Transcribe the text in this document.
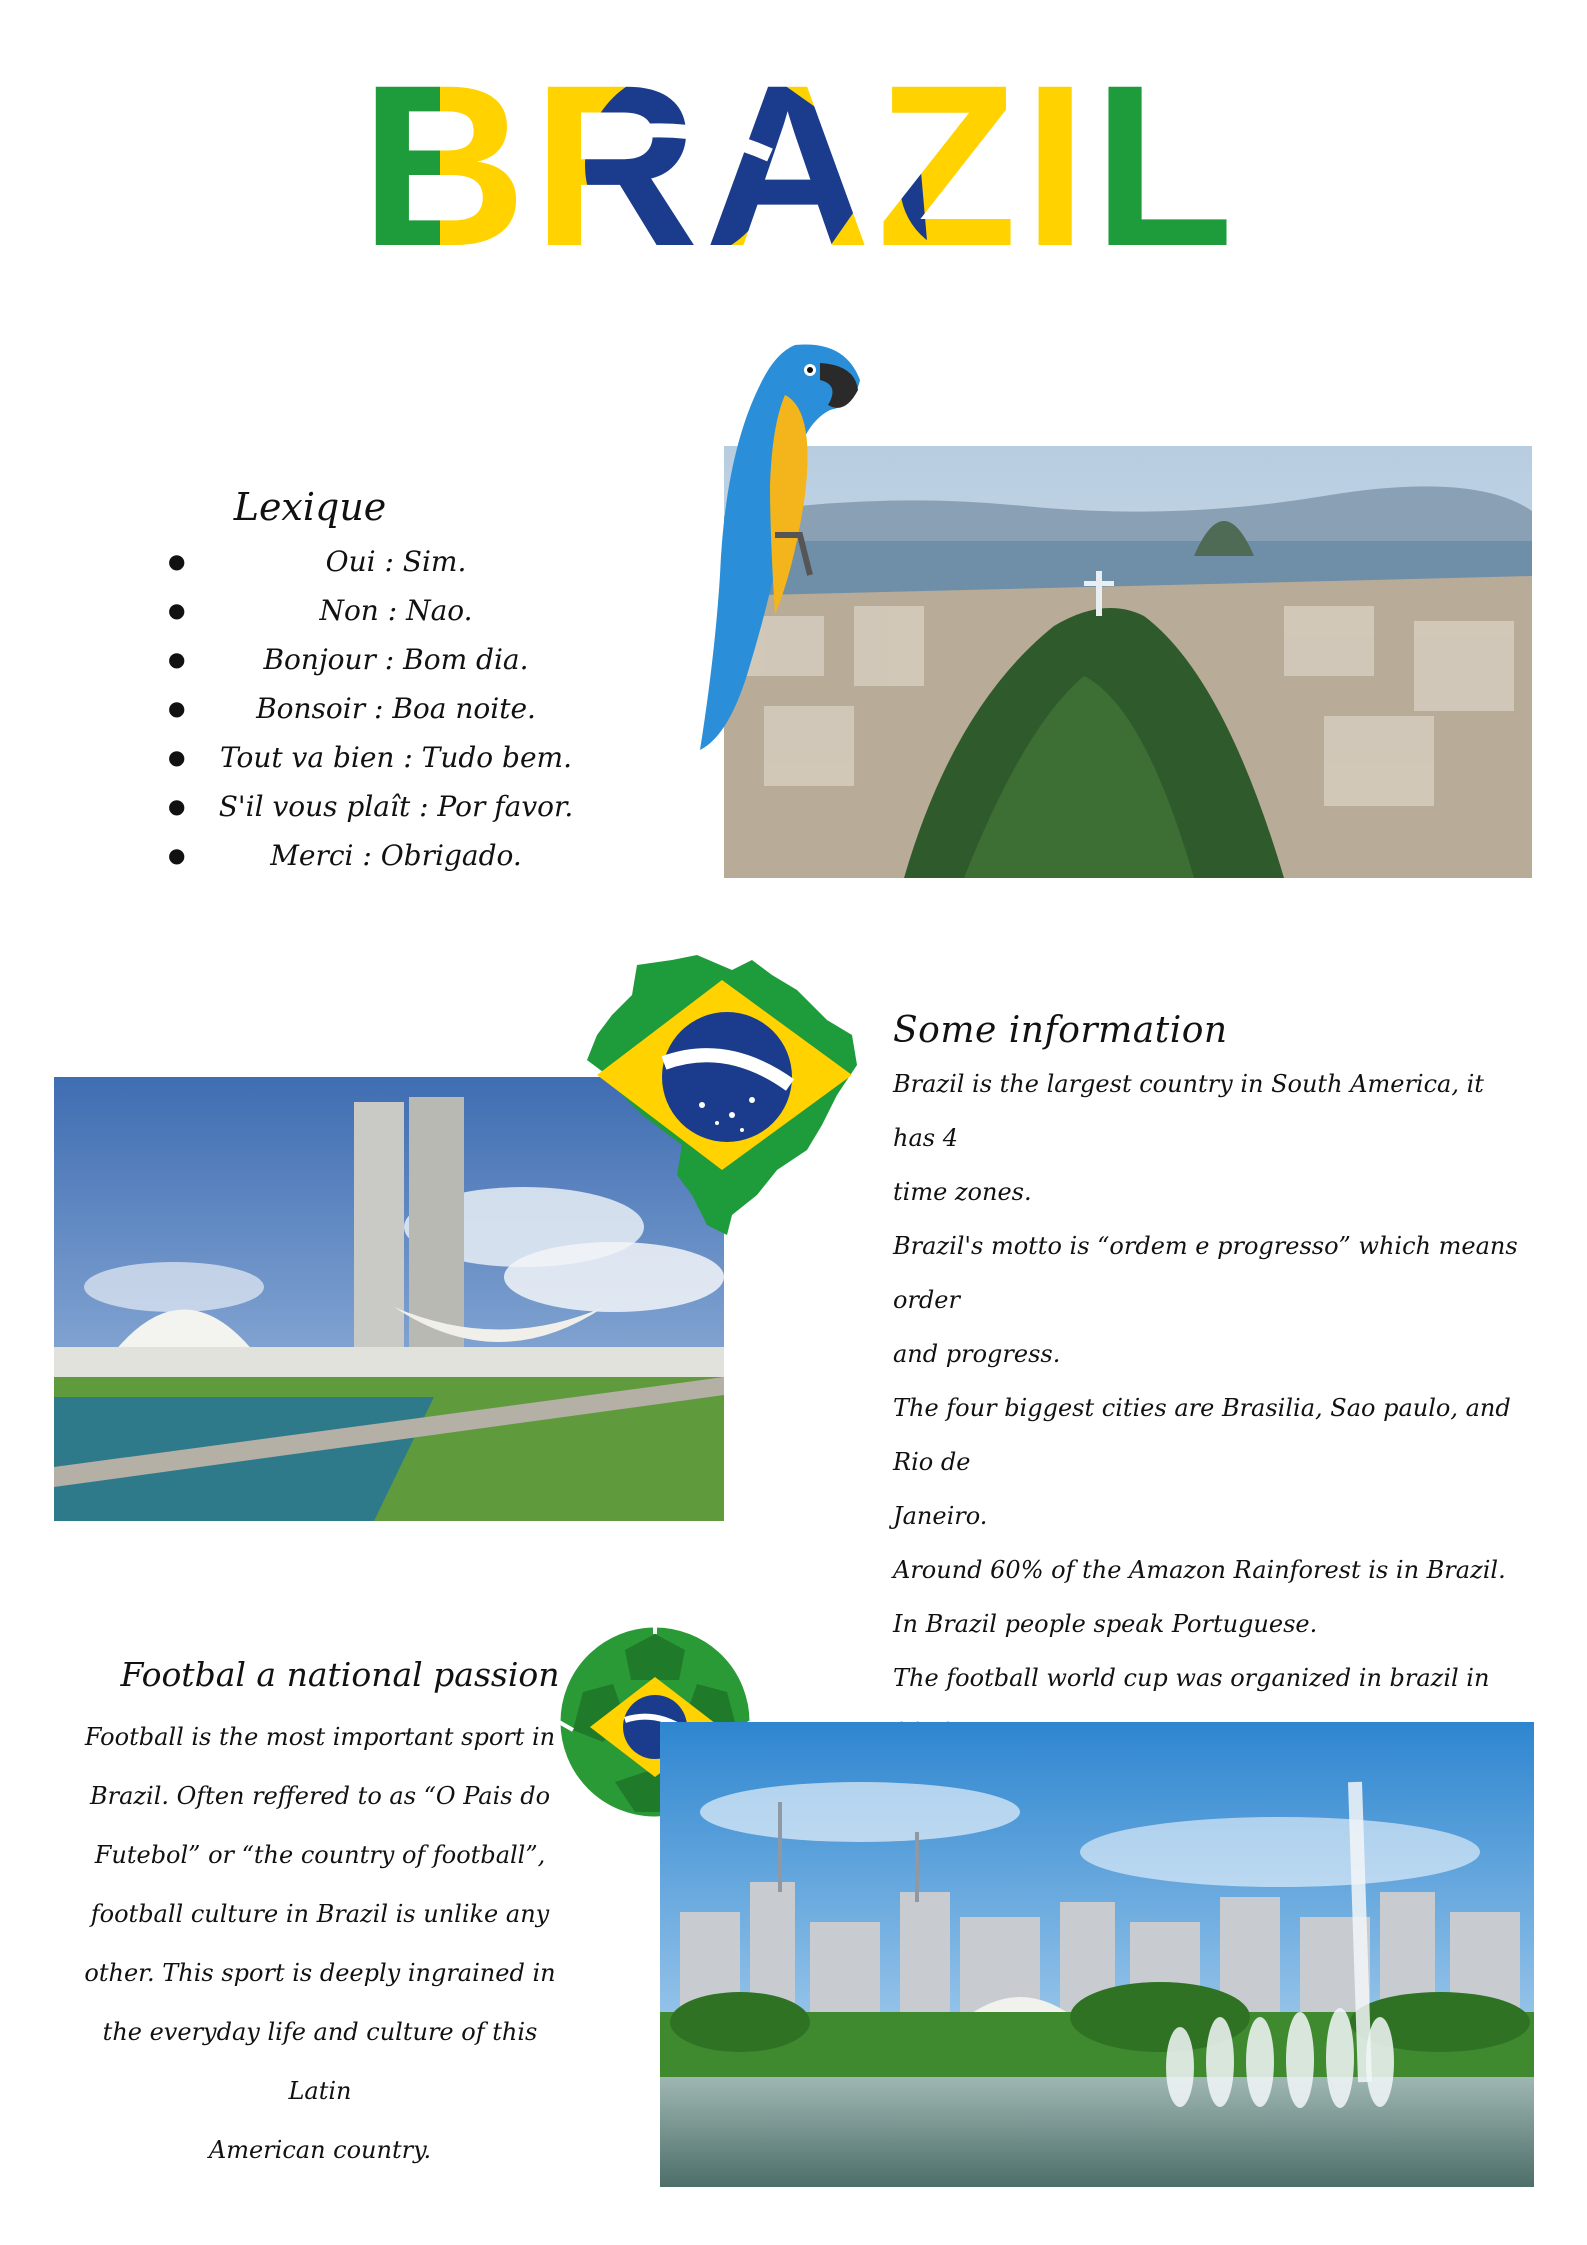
BRAZIL
Lexique
●	Oui : Sim.
●	Non : Nao.
●	Bonjour : Bom dia.
●	Bonsoir : Boa noite.
●	Tout va bien : Tudo bem.
●	S'il vous plaît : Por favor.
●	Merci : Obrigado.
Some information

Brazil is the largest country in South America, it has 4

time zones.

Brazil's motto is “ordem e progresso” which means order

and progress.

The four biggest cities are Brasilia, Sao paulo, and Rio de

Janeiro.

Around 60% of the Amazon Rainforest is in Brazil.

In Brazil people speak Portuguese.

The football world cup was organized in brazil in

Footbal a national passion

Football is the most important sport in

Brazil. Often reffered to as “O Pais do

Futebol” or “the country of football”,

football culture in Brazil is unlike any

other. This sport is deeply ingrained in

the everyday life and culture of this Latin

American country.
